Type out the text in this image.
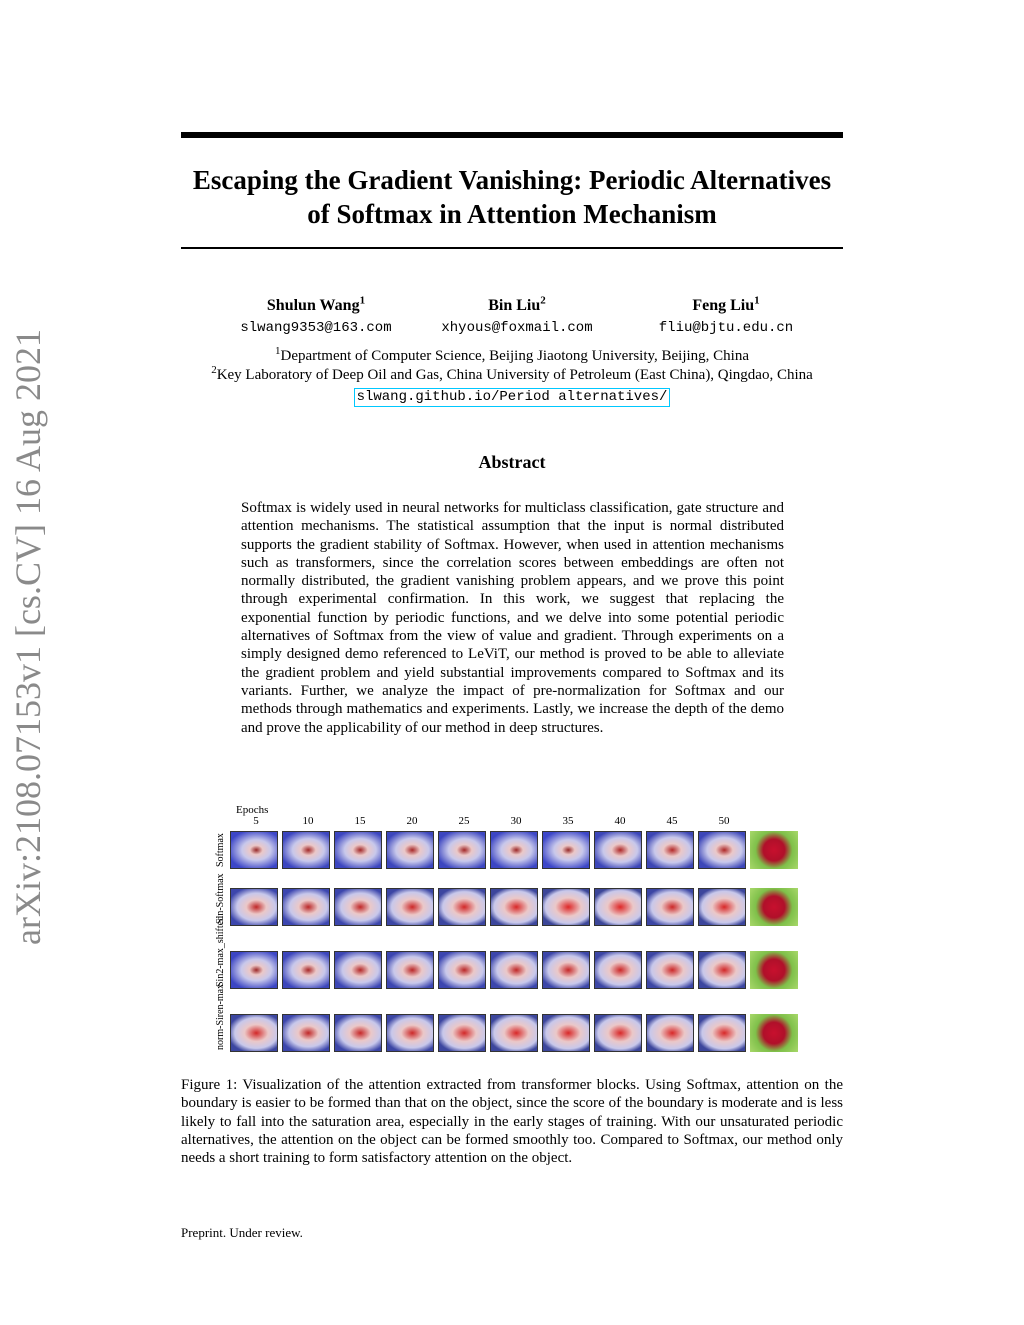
arXiv:2108.07153v1 [cs.CV] 16 Aug 2021
Escaping the Gradient Vanishing: Periodic Alternatives of Softmax in Attention Mechanism
Shulun Wang$^1$
slwang9353@163.com
Bin Liu$^2$
xhyous@foxmail.com
Feng Liu$^1$
fliu@bjtu.edu.cn
$^1$Department of Computer Science, Beijing Jiaotong University, Beijing, China
$^2$Key Laboratory of Deep Oil and Gas, China University of Petroleum (East China), Qingdao, China
slwang.github.io/Period alternatives/
Abstract
Softmax is widely used in neural networks for multiclass classification, gate structure and attention mechanisms. The statistical assumption that the input is normal distributed supports the gradient stability of Softmax. However, when used in attention mechanisms such as transformers, since the correlation scores between embeddings are often not normally distributed, the gradient vanishing problem appears, and we prove this point through experimental confirmation. In this work, we suggest that replacing the exponential function by periodic functions, and we delve into some potential periodic alternatives of Softmax from the view of value and gradient. Through experiments on a simply designed demo referenced to LeViT, our method is proved to be able to alleviate the gradient problem and yield substantial improvements compared to Softmax and its variants. Further, we analyze the impact of pre-normalization for Softmax and our methods through mathematics and experiments. Lastly, we increase the depth of the demo and prove the applicability of our method in deep structures.
Epochs
5	10	15	20	25	30	35	40	45	50
Softmax
Sin-Softmax
Sin2-max_shifted
norm-Siren-max
Figure 1: Visualization of the attention extracted from transformer blocks. Using Softmax, attention on the boundary is easier to be formed than that on the object, since the score of the boundary is moderate and is less likely to fall into the saturation area, especially in the early stages of training. With our unsaturated periodic alternatives, the attention on the object can be formed smoothly too. Compared to Softmax, our method only needs a short training to form satisfactory attention on the object.
Preprint. Under review.
